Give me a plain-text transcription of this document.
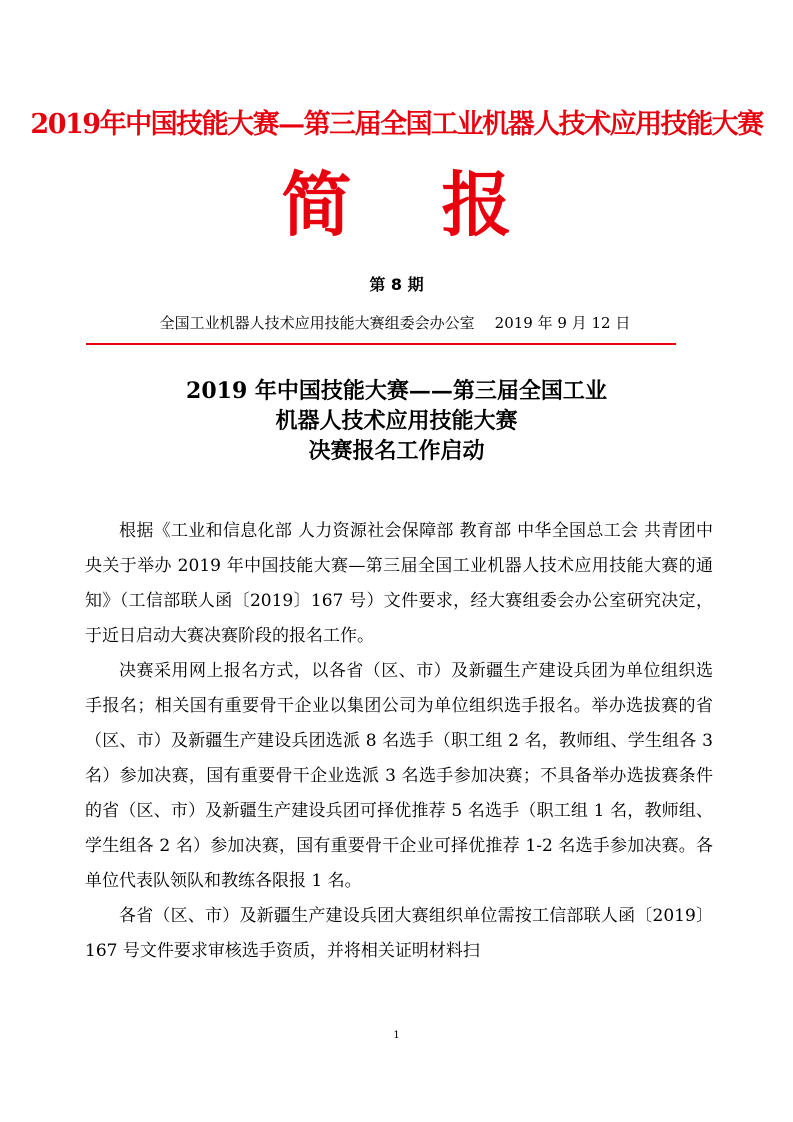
2019年中国技能大赛—第三届全国工业机器人技术应用技能大赛
简 报
第 8 期
全国工业机器人技术应用技能大赛组委会办公室 2019 年 9 月 12 日
2019 年中国技能大赛——第三届全国工业
机器人技术应用技能大赛
决赛报名工作启动

根据《工业和信息化部 人力资源社会保障部 教育部 中华全国总工会 共青团中央关于举办 2019 年中国技能大赛—第三届全国工业机器人技术应用技能大赛的通知》（工信部联人函〔2019〕167 号）文件要求，经大赛组委会办公室研究决定，于近日启动大赛决赛阶段的报名工作。

决赛采用网上报名方式，以各省（区、市）及新疆生产建设兵团为单位组织选手报名；相关国有重要骨干企业以集团公司为单位组织选手报名。举办选拔赛的省（区、市）及新疆生产建设兵团选派 8 名选手（职工组 2 名，教师组、学生组各 3 名）参加决赛，国有重要骨干企业选派 3 名选手参加决赛；不具备举办选拔赛条件的省（区、市）及新疆生产建设兵团可择优推荐 5 名选手（职工组 1 名，教师组、学生组各 2 名）参加决赛，国有重要骨干企业可择优推荐 1-2 名选手参加决赛。各单位代表队领队和教练各限报 1 名。

各省（区、市）及新疆生产建设兵团大赛组织单位需按工信部联人函〔2019〕167 号文件要求审核选手资质，并将相关证明材料扫

1
